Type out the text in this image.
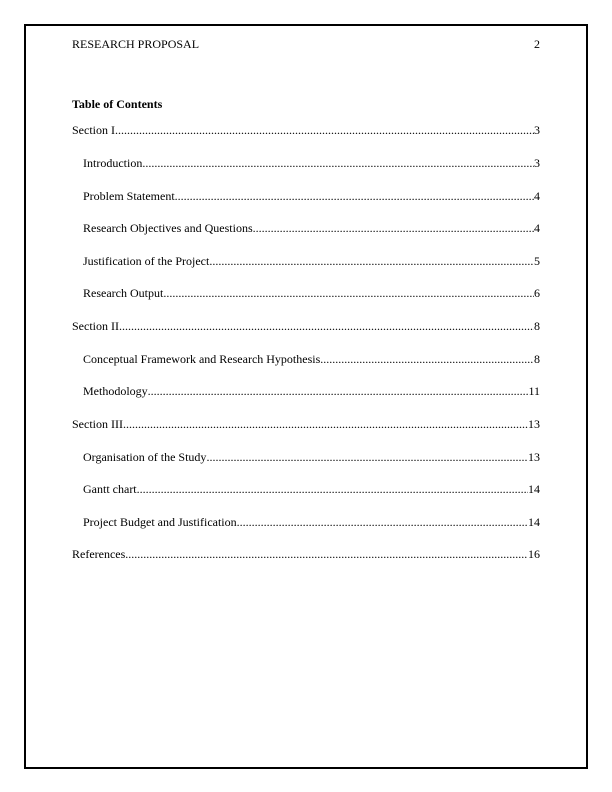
RESEARCH PROPOSAL	2
Table of Contents
Section I .....	3
Introduction .....	3
Problem Statement .....	4
Research Objectives and Questions .....	4
Justification of the Project .....	5
Research Output .....	6
Section II .....	8
Conceptual Framework and Research Hypothesis .....	8
Methodology .....	11
Section III .....	13
Organisation of the Study .....	13
Gantt chart .....	14
Project Budget and Justification .....	14
References .....	16
